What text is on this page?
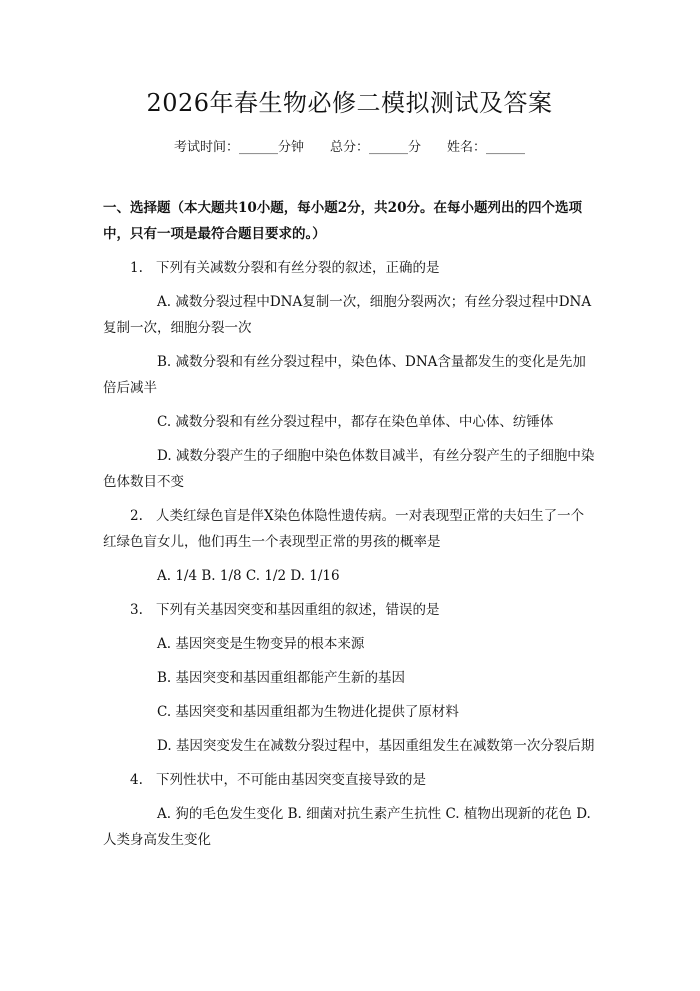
2026年春生物必修二模拟测试及答案
考试时间：______分钟 总分：______分 姓名：______
一、选择题（本大题共10小题，每小题2分，共20分。在每小题列出的四个选项中，只有一项是最符合题目要求的。）
1. 下列有关减数分裂和有丝分裂的叙述，正确的是
A. 减数分裂过程中DNA复制一次，细胞分裂两次；有丝分裂过程中DNA复制一次，细胞分裂一次
B. 减数分裂和有丝分裂过程中，染色体、DNA含量都发生的变化是先加倍后减半
C. 减数分裂和有丝分裂过程中，都存在染色单体、中心体、纺锤体
D. 减数分裂产生的子细胞中染色体数目减半，有丝分裂产生的子细胞中染色体数目不变
2. 人类红绿色盲是伴X染色体隐性遗传病。一对表现型正常的夫妇生了一个红绿色盲女儿，他们再生一个表现型正常的男孩的概率是
A. 1/4 B. 1/8 C. 1/2 D. 1/16
3. 下列有关基因突变和基因重组的叙述，错误的是
A. 基因突变是生物变异的根本来源
B. 基因突变和基因重组都能产生新的基因
C. 基因突变和基因重组都为生物进化提供了原材料
D. 基因突变发生在减数分裂过程中，基因重组发生在减数第一次分裂后期
4. 下列性状中，不可能由基因突变直接导致的是
A. 狗的毛色发生变化 B. 细菌对抗生素产生抗性 C. 植物出现新的花色 D. 人类身高发生变化
